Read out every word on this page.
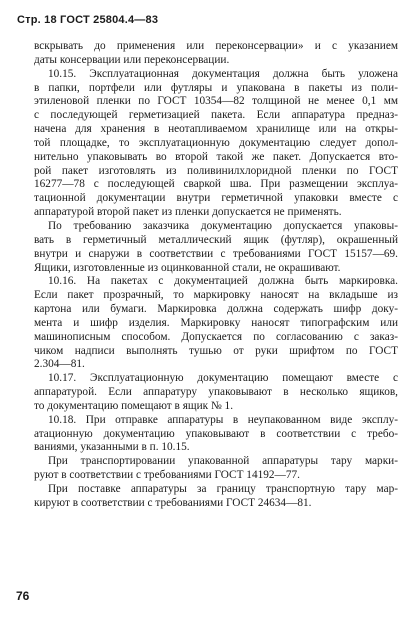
Стр. 18 ГОСТ 25804.4—83
вскрывать до применения или переконсервации» и с указанием
даты консервации или переконсервации.
10.15. Эксплуатационная документация должна быть уложена
в папки, портфели или футляры и упакована в пакеты из поли-
этиленовой пленки по ГОСТ 10354—82 толщиной не менее 0,1 мм
с последующей герметизацией пакета. Если аппаратура предназ-
начена для хранения в неотапливаемом хранилище или на откры-
той площадке, то эксплуатационную документацию следует допол-
нительно упаковывать во второй такой же пакет. Допускается вто-
рой пакет изготовлять из поливинилхлоридной пленки по ГОСТ
16277—78 с последующей сваркой шва. При размещении эксплуа-
тационной документации внутри герметичной упаковки вместе с
аппаратурой второй пакет из пленки допускается не применять.
По требованию заказчика документацию допускается упаковы-
вать в герметичный металлический ящик (футляр), окрашенный
внутри и снаружи в соответствии с требованиями ГОСТ 15157—69.
Ящики, изготовленные из оцинкованной стали, не окрашивают.
10.16. На пакетах с документацией должна быть маркировка.
Если пакет прозрачный, то маркировку наносят на вкладыше из
картона или бумаги. Маркировка должна содержать шифр доку-
мента и шифр изделия. Маркировку наносят типографским или
машинописным способом. Допускается по согласованию с заказ-
чиком надписи выполнять тушью от руки шрифтом по ГОСТ
2.304—81.
10.17. Эксплуатационную документацию помещают вместе с
аппаратурой. Если аппаратуру упаковывают в несколько ящиков,
то документацию помещают в ящик № 1.
10.18. При отправке аппаратуры в неупакованном виде эксплу-
атационную документацию упаковывают в соответствии с требо-
ваниями, указанными в п. 10.15.
При транспортировании упакованной аппаратуры тару марки-
руют в соответствии с требованиями ГОСТ 14192—77.
При поставке аппаратуры за границу транспортную тару мар-
кируют в соответствии с требованиями ГОСТ 24634—81.
76
